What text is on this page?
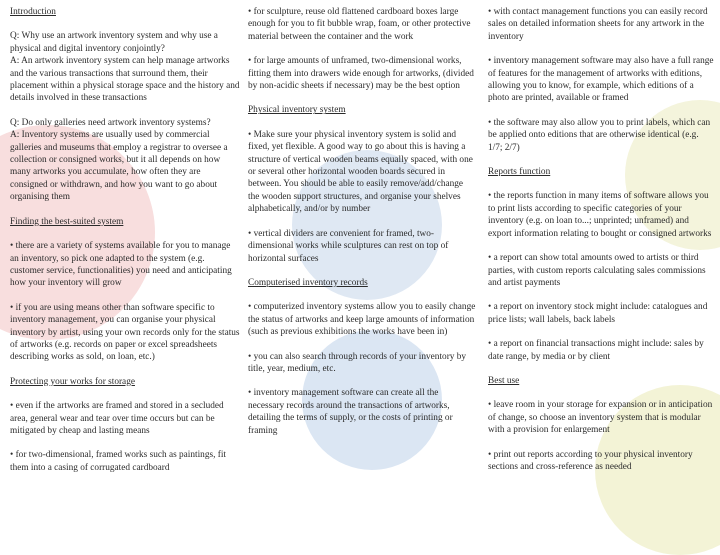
Introduction
Q: Why use an artwork inventory system and why use a physical and digital inventory conjointly?
A: An artwork inventory system can help manage artworks and the various transactions that surround them, their placement within a physical storage space and the history and details involved in these transactions
Q: Do only galleries need artwork inventory systems?
A: Inventory systems are usually used by commercial galleries and museums that employ a registrar to oversee a collection or consigned works, but it all depends on how many artworks you accumulate, how often they are consigned or withdrawn, and how you want to go about organising them
Finding the best-suited system

• there are a variety of systems available for you to manage an inventory, so pick one adapted to the system (e.g. customer service, functionalities) you need and anticipating how your inventory will grow

• if you are using means other than software specific to inventory management, you can organise your physical inventory by artist, using your own records only for the status of artworks (e.g. records on paper or excel spreadsheets describing works as sold, on loan, etc.)

Protecting your works for storage

• even if the artworks are framed and stored in a secluded area, general wear and tear over time occurs but can be mitigated by cheap and lasting means

• for two-dimensional, framed works such as paintings, fit them into a casing of corrugated cardboard

• for sculpture, reuse old flattened cardboard boxes large enough for you to fit bubble wrap, foam, or other protective material between the container and the work

• for large amounts of unframed, two-dimensional works, fitting them into drawers wide enough for artworks, (divided by non-acidic sheets if necessary) may be the best option

Physical inventory system

• Make sure your physical inventory system is solid and fixed, yet flexible. A good way to go about this is having a structure of vertical wooden beams equally spaced, with one or several other horizontal wooden boards secured in between. You should be able to easily remove/add/change the wooden support structures, and organise your shelves alphabetically, and/or by number

• vertical dividers are convenient for framed, two-dimensional works while sculptures can rest on top of horizontal surfaces

Computerised inventory records

• computerized inventory systems allow you to easily change the status of artworks and keep large amounts of information (such as previous exhibitions the works have been in)

• you can also search through records of your inventory by title, year, medium, etc.

• inventory management software can create all the necessary records around the transactions of artworks, detailing the terms of supply, or the costs of printing or framing

• with contact management functions you can easily record sales on detailed information sheets for any artwork in the inventory

• inventory management software may also have a full range of features for the management of artworks with editions, allowing you to know, for example, which editions of a photo are printed, available or framed

• the software may also allow you to print labels, which can be applied onto editions that are otherwise identical (e.g. 1/7; 2/7)

Reports function

• the reports function in many items of software allows you to print lists according to specific categories of your inventory (e.g. on loan to...; unprinted; unframed) and export information relating to bought or consigned artworks

• a report can show total amounts owed to artists or third parties, with custom reports calculating sales commissions and artist payments

• a report on inventory stock might include: catalogues and price lists; wall labels, back labels

• a report on financial transactions might include: sales by date range, by media or by client

Best use

• leave room in your storage for expansion or in anticipation of change, so choose an inventory system that is modular with a provision for enlargement

• print out reports according to your physical inventory sections and cross-reference as needed
